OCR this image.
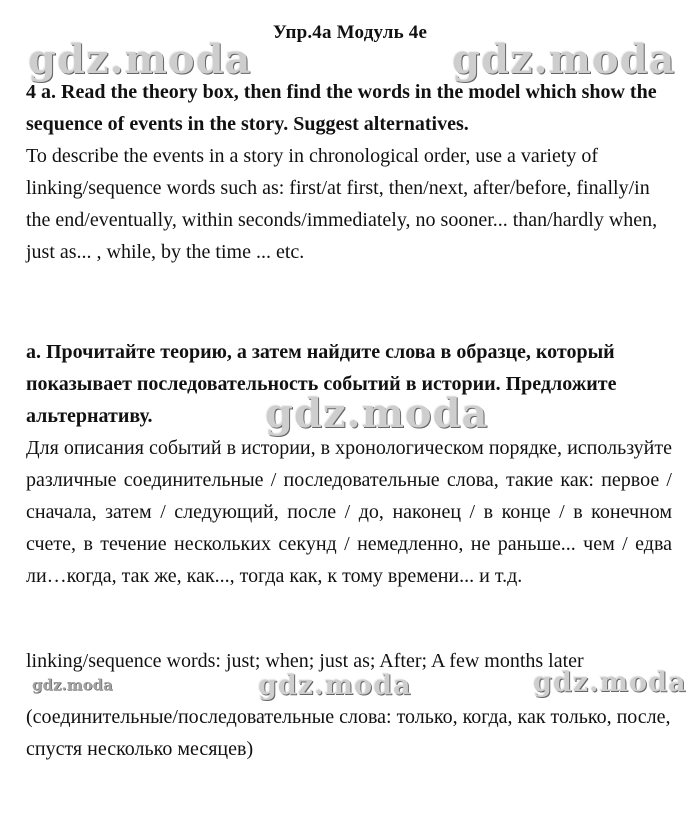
Упр.4а Модуль 4е

4 а. Read the theory box, then find the words in the model which show the sequence of events in the story. Suggest alternatives.

To describe the events in a story in chronological order, use a variety of linking/sequence words such as: first/at first, then/next, after/before, finally/in the end/eventually, within seconds/immediately, no sooner... than/hardly when, just as... , while, by the time ... etc.

а. Прочитайте теорию, а затем найдите слова в образце, который показывает последовательность событий в истории. Предложите альтернативу.

Для описания событий в истории, в хронологическом порядке, используйте различные соединительные / последовательные слова, такие как: первое /сначала, затем / следующий, после / до, наконец / в конце / в конечном счете, в течение нескольких секунд / немедленно, не раньше... чем / едва ли…когда, так же, как..., тогда как, к тому времени... и т.д.

linking/sequence words: just; when; just as; After; A few months later

(соединительные/последовательные слова: только, когда, как только, после, спустя несколько месяцев)

gdz.moda	gdz.moda
gdz.moda
gdz.moda	gdz.moda	gdz.moda
